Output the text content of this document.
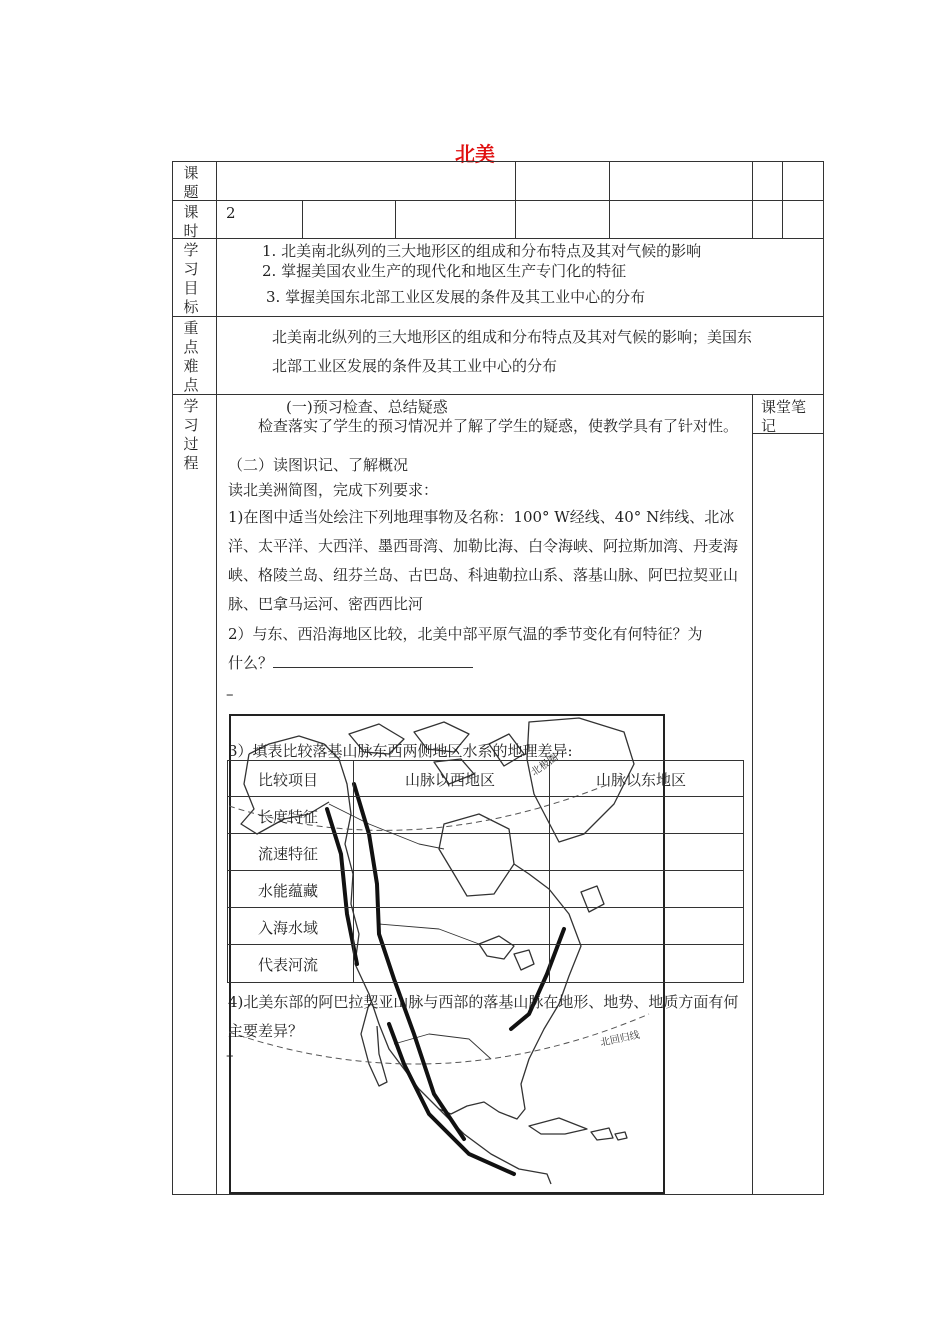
北美
课题
课时
2
学习目标
重点难点
学习过程
课堂笔记
1. 北美南北纵列的三大地形区的组成和分布特点及其对气候的影响
2. 掌握美国农业生产的现代化和地区生产专门化的特征
3. 掌握美国东北部工业区发展的条件及其工业中心的分布
北美南北纵列的三大地形区的组成和分布特点及其对气候的影响；美国东
北部工业区发展的条件及其工业中心的分布
(一)预习检查、总结疑惑
检查落实了学生的预习情况并了解了学生的疑惑，使教学具有了针对性。
（二）读图识记、了解概况
读北美洲简图，完成下列要求：
1)在图中适当处绘注下列地理事物及名称：100° W经线、40° N纬线、北冰洋、太平洋、大西洋、墨西哥湾、加勒比海、白令海峡、阿拉斯加湾、丹麦海峡、格陵兰岛、纽芬兰岛、古巴岛、科迪勒拉山系、落基山脉、阿巴拉契亚山脉、巴拿马运河、密西西比河
2）与东、西沿海地区比较，北美中部平原气温的季节变化有何特征？为
什么？
–
北极圈
北回归线
3）填表比较落基山脉东西两侧地区水系的地理差异:
比较项目	山脉以西地区	山脉以东地区
长度特征
流速特征
水能蕴藏
入海水域
代表河流
4)北美东部的阿巴拉契亚山脉与西部的落基山脉在地形、地势、地质方面有何主要差异？
–
